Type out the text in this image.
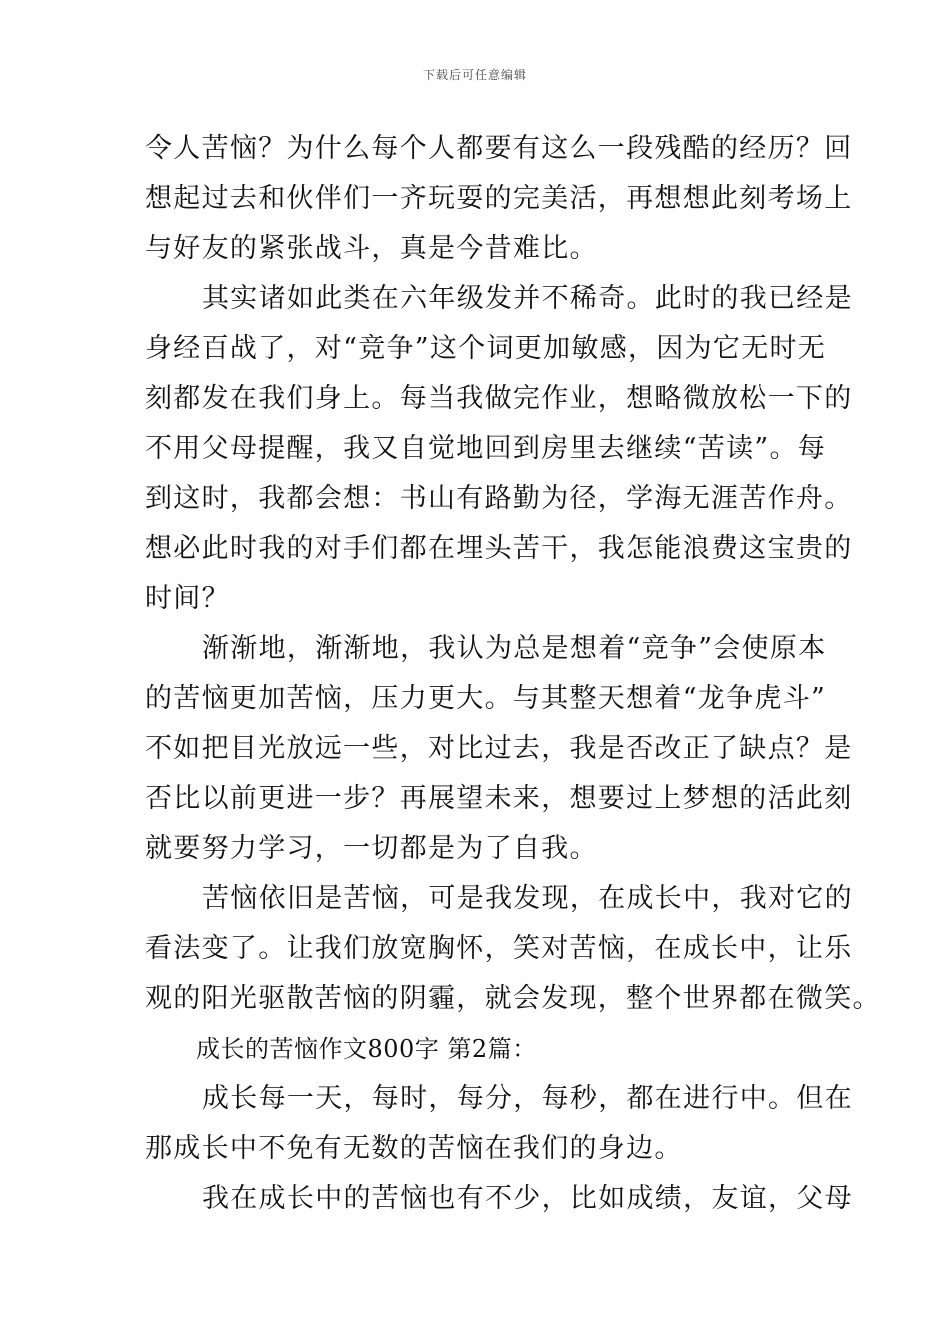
下载后可任意编辑
令人苦恼？为什么每个人都要有这么一段残酷的经历？回
想起过去和伙伴们一齐玩耍的完美活，再想想此刻考场上
与好友的紧张战斗，真是今昔难比。
其实诸如此类在六年级发并不稀奇。此时的我已经是
身经百战了，对“竞争”这个词更加敏感，因为它无时无
刻都发在我们身上。每当我做完作业，想略微放松一下的
不用父母提醒，我又自觉地回到房里去继续“苦读”。每
到这时，我都会想：书山有路勤为径，学海无涯苦作舟。
想必此时我的对手们都在埋头苦干，我怎能浪费这宝贵的
时间？
渐渐地，渐渐地，我认为总是想着“竞争”会使原本
的苦恼更加苦恼，压力更大。与其整天想着“龙争虎斗”
不如把目光放远一些，对比过去，我是否改正了缺点？是
否比以前更进一步？再展望未来，想要过上梦想的活此刻
就要努力学习，一切都是为了自我。
苦恼依旧是苦恼，可是我发现，在成长中，我对它的
看法变了。让我们放宽胸怀，笑对苦恼，在成长中，让乐
观的阳光驱散苦恼的阴霾，就会发现，整个世界都在微笑。
成长的苦恼作文800字 第2篇：
成长每一天，每时，每分，每秒，都在进行中。但在
那成长中不免有无数的苦恼在我们的身边。
我在成长中的苦恼也有不少，比如成绩，友谊，父母
